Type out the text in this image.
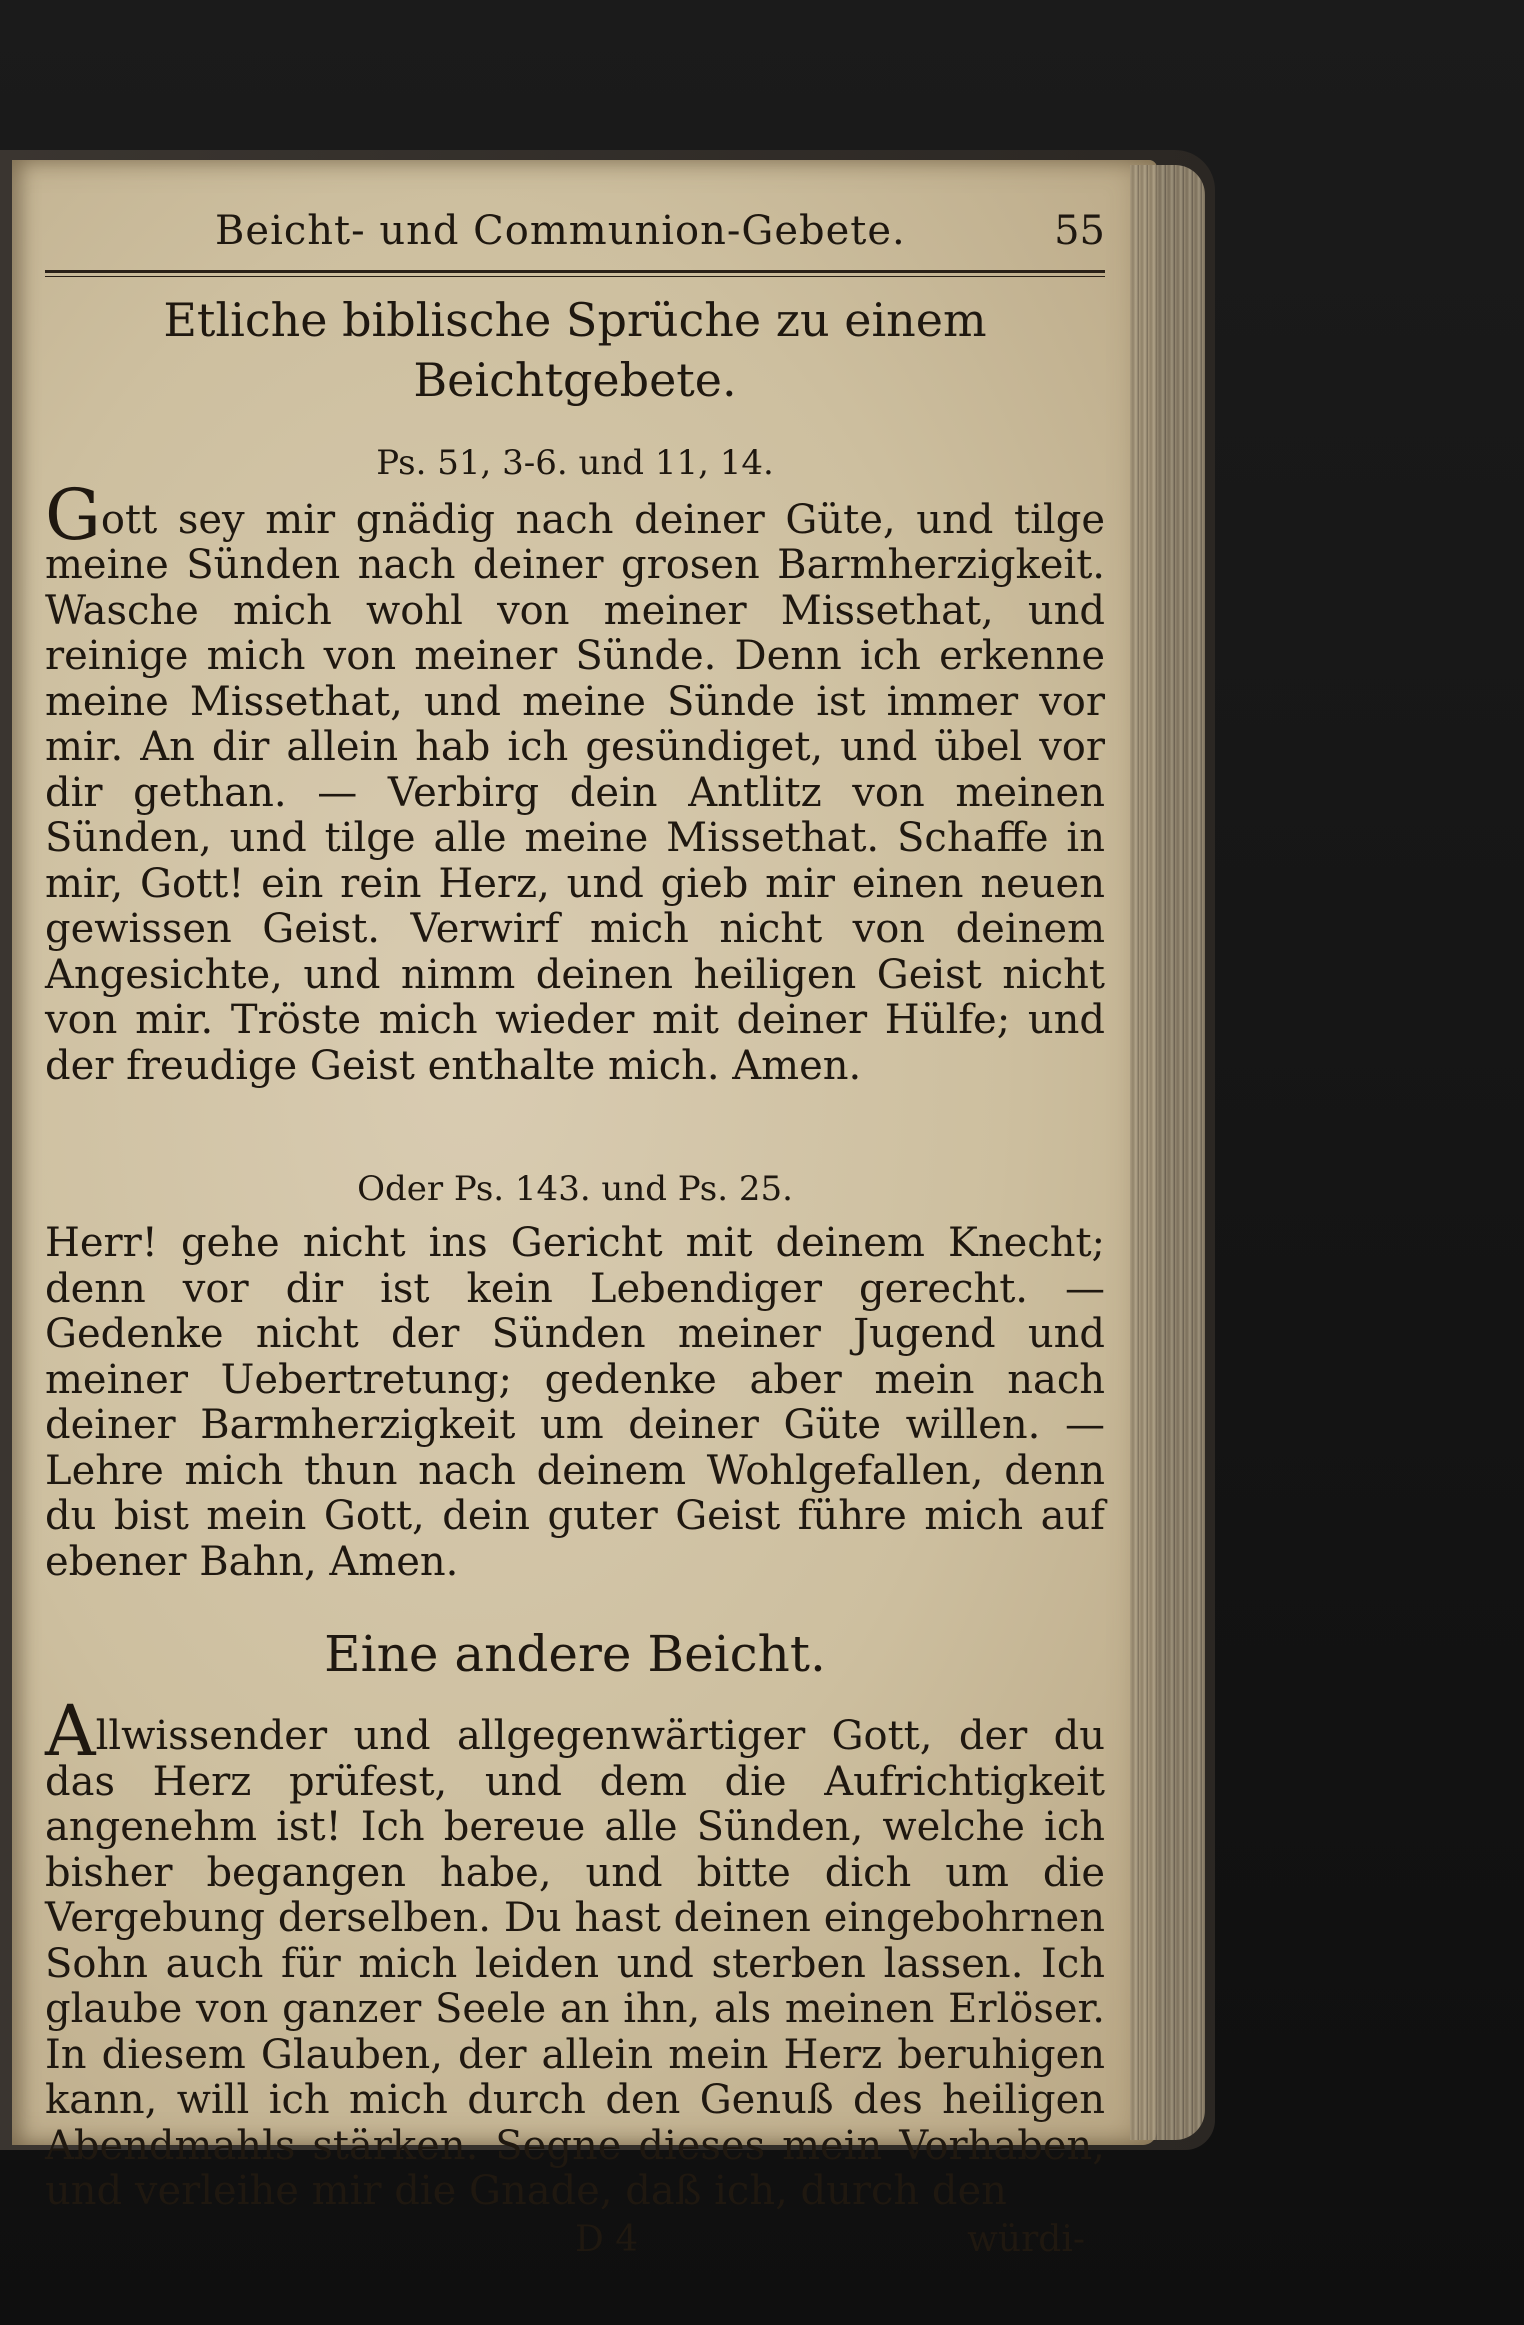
Beicht- und Communion-Gebete.	55
Etliche biblische Sprüche zu einem Beichtgebete.
Ps. 51, 3-6. und 11, 14.

Gott sey mir gnädig nach deiner Güte, und tilge meine Sünden nach deiner grosen Barmherzigkeit. Wasche mich wohl von meiner Missethat, und reinige mich von meiner Sünde. Denn ich erkenne meine Missethat, und meine Sünde ist immer vor mir. An dir allein hab ich gesündiget, und übel vor dir gethan. — Verbirg dein Antlitz von meinen Sünden, und tilge alle meine Missethat. Schaffe in mir, Gott! ein rein Herz, und gieb mir einen neuen gewissen Geist. Verwirf mich nicht von deinem Angesichte, und nimm deinen heiligen Geist nicht von mir. Tröste mich wieder mit deiner Hülfe; und der freudige Geist enthalte mich. Amen.

Oder Ps. 143. und Ps. 25.

Herr! gehe nicht ins Gericht mit deinem Knecht; denn vor dir ist kein Lebendiger gerecht. — Gedenke nicht der Sünden meiner Jugend und meiner Uebertretung; gedenke aber mein nach deiner Barmherzigkeit um deiner Güte willen. — Lehre mich thun nach deinem Wohlgefallen, denn du bist mein Gott, dein guter Geist führe mich auf ebener Bahn, Amen.

Eine andere Beicht.

Allwissender und allgegenwärtiger Gott, der du das Herz prüfest, und dem die Aufrichtigkeit angenehm ist! Ich bereue alle Sünden, welche ich bisher begangen habe, und bitte dich um die Vergebung derselben. Du hast deinen eingebohrnen Sohn auch für mich leiden und sterben lassen. Ich glaube von ganzer Seele an ihn, als meinen Erlöser. In diesem Glauben, der allein mein Herz beruhigen kann, will ich mich durch den Genuß des heiligen Abendmahls stärken. Segne dieses mein Vorhaben, und verleihe mir die Gnade, daß ich, durch den

D 4	würdi-
